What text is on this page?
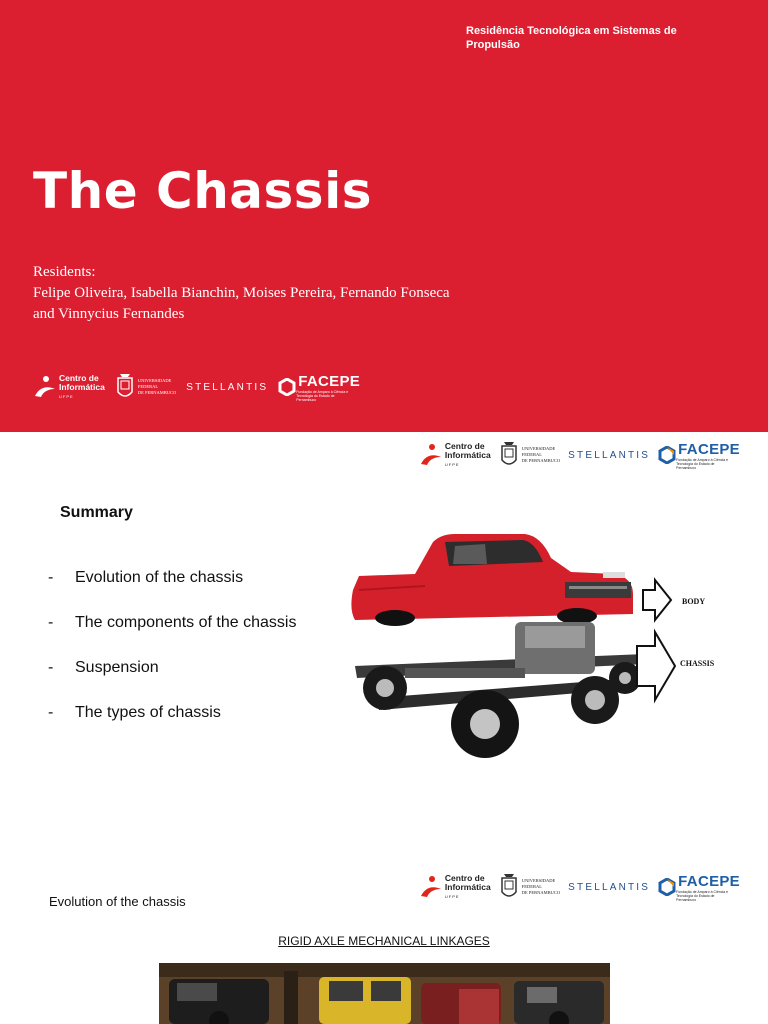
Residência Tecnológica em Sistemas de Propulsão
The Chassis
Residents:
Felipe Oliveira, Isabella Bianchin, Moises Pereira, Fernando Fonseca and Vinnycius Fernandes
Centro de
Informática
UFPE
UNIVERSIDADE
FEDERAL
DE PERNAMBUCO STELLANTIS FACEPE
Fundação de Amparo à Ciência e Tecnologia do Estado de Pernambuco
Centro de
Informática
UFPE
UNIVERSIDADE
FEDERAL
DE PERNAMBUCO STELLANTIS FACEPE
Fundação de Amparo à Ciência e Tecnologia do Estado de Pernambuco
Summary
-	Evolution of the chassis
-	The components of the chassis
-	Suspension
-	The types of chassis
BODY
CHASSIS
Centro de
Informática
UFPE
UNIVERSIDADE
FEDERAL
DE PERNAMBUCO STELLANTIS FACEPE
Fundação de Amparo à Ciência e Tecnologia do Estado de Pernambuco
Evolution of the chassis
RIGID AXLE MECHANICAL LINKAGES
